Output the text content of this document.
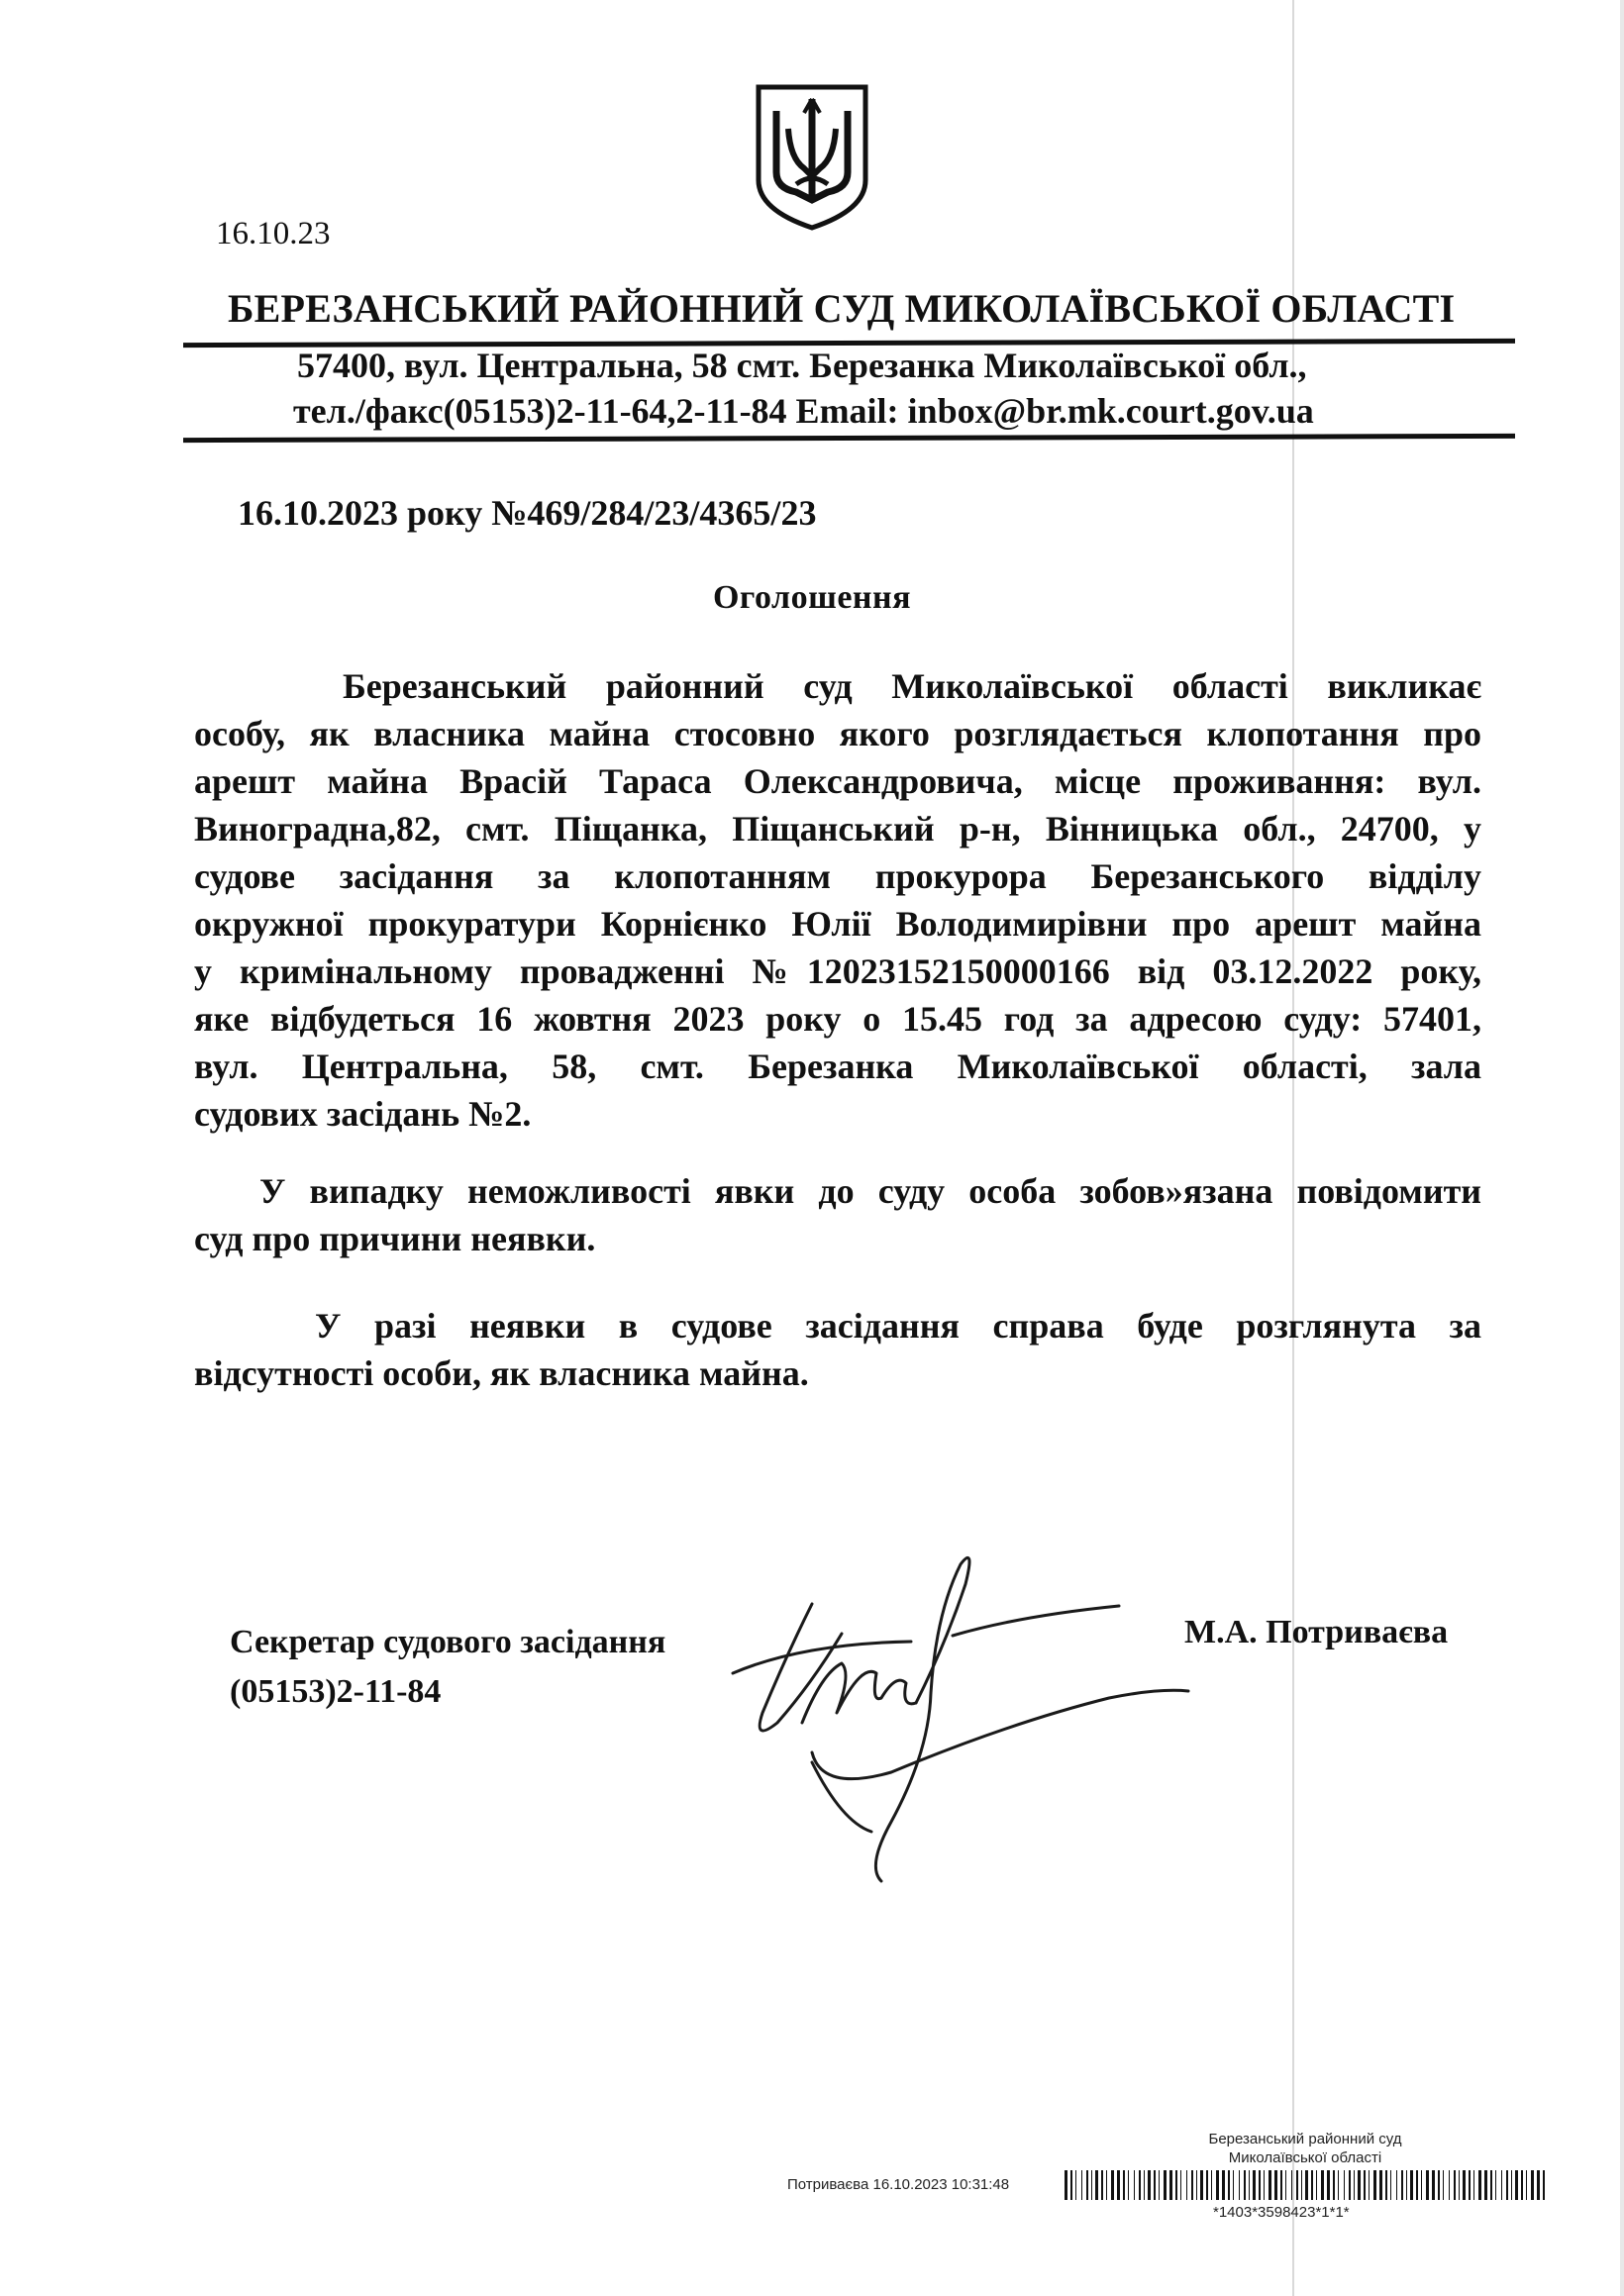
16.10.23
БЕРЕЗАНСЬКИЙ РАЙОННИЙ СУД МИКОЛАЇВСЬКОЇ ОБЛАСТІ
57400, вул. Центральна, 58 смт. Березанка Миколаївської обл.,
тел./факс(05153)2-11-64,2-11-84 Email: inbox@br.mk.court.gov.ua
16.10.2023 року №469/284/23/4365/23
Оголошення
Березанський районний суд Миколаївської області викликає
особу, як власника майна стосовно якого розглядається клопотання про
арешт майна Врасій Тараса Олександровича, місце проживання: вул.
Виноградна,82, смт. Піщанка, Піщанський р-н, Вінницька обл., 24700, у
судове засідання за клопотанням прокурора Березанського відділу
окружної прокуратури Корнієнко Юлії Володимирівни про арешт майна
у кримінальному провадженні №12023152150000166 від 03.12.2022 року,
яке відбудеться 16 жовтня 2023 року о 15.45 год за адресою суду: 57401,
вул. Центральна, 58, смт. Березанка Миколаївської області, зала
судових засідань №2.
У випадку неможливості явки до суду особа зобов»язана повідомити
суд про причини неявки.
У разі неявки в судове засідання справа буде розглянута за
відсутності особи, як власника майна.
Секретар судового засідання
(05153)2-11-84
М.А. Потриваєва
Березанський районний суд
Миколаївської області
Потриваєва 16.10.2023 10:31:48
*1403*3598423*1*1*
